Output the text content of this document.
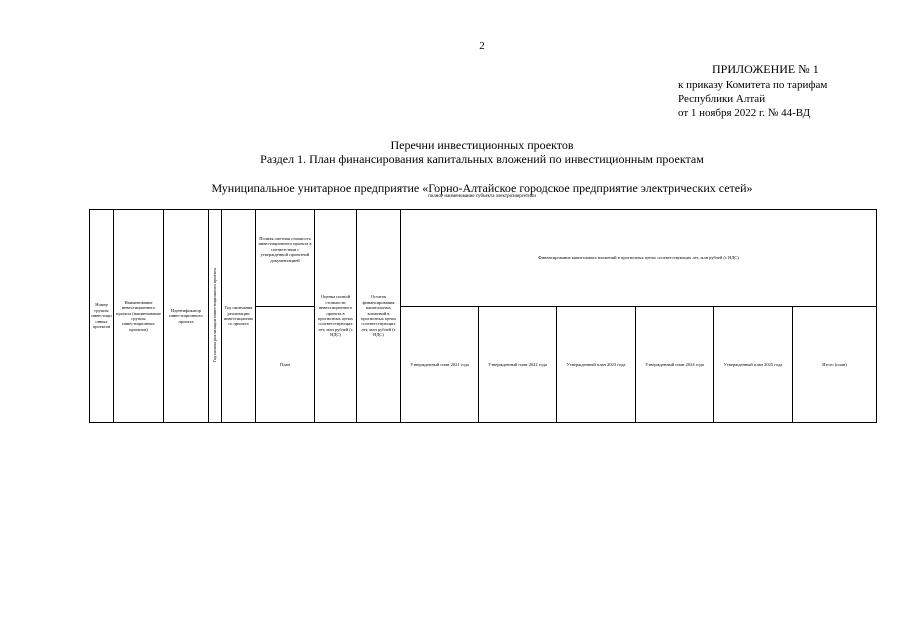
2
ПРИЛОЖЕНИЕ № 1
к приказу Комитета по тарифам
Республики Алтай
от 1 ноября 2022 г. № 44-ВД
Перечни инвестиционных проектов
Раздел 1. План финансирования капитальных вложений по инвестиционным проектам
Муниципальное унитарное предприятие «Горно-Алтайское городское предприятие электрических сетей»
полное наименование субъекта электроэнергетики
Номер группы инвестиционных проектов	Наименование инвестиционного проекта (наименование группы инвестиционных проектов)	Идентификатор инвестиционного проекта	Год начала реализации инвестиционного проекта	Год окончания реализации инвестиционного проекта	Полная сметная стоимость инвестиционного проекта в соответствии с утвержденной проектной документацией	Оценка полной стоимости инвестиционного проекта в прогнозных ценах соответствующих лет, млн рублей (с НДС)	Остаток финансирования капитальных вложений в прогнозных ценах соответствующих лет, млн рублей (с НДС)	Финансирование капитальных вложений в прогнозных ценах соответствующих лет, млн рублей (с НДС)					
					План			Утвержденный план 2021 года	Утвержденный план 2022 года	Утвержденный план 2023 года	Утвержденный план 2024 года	Утвержденный план 2025 года	Итого (план)
